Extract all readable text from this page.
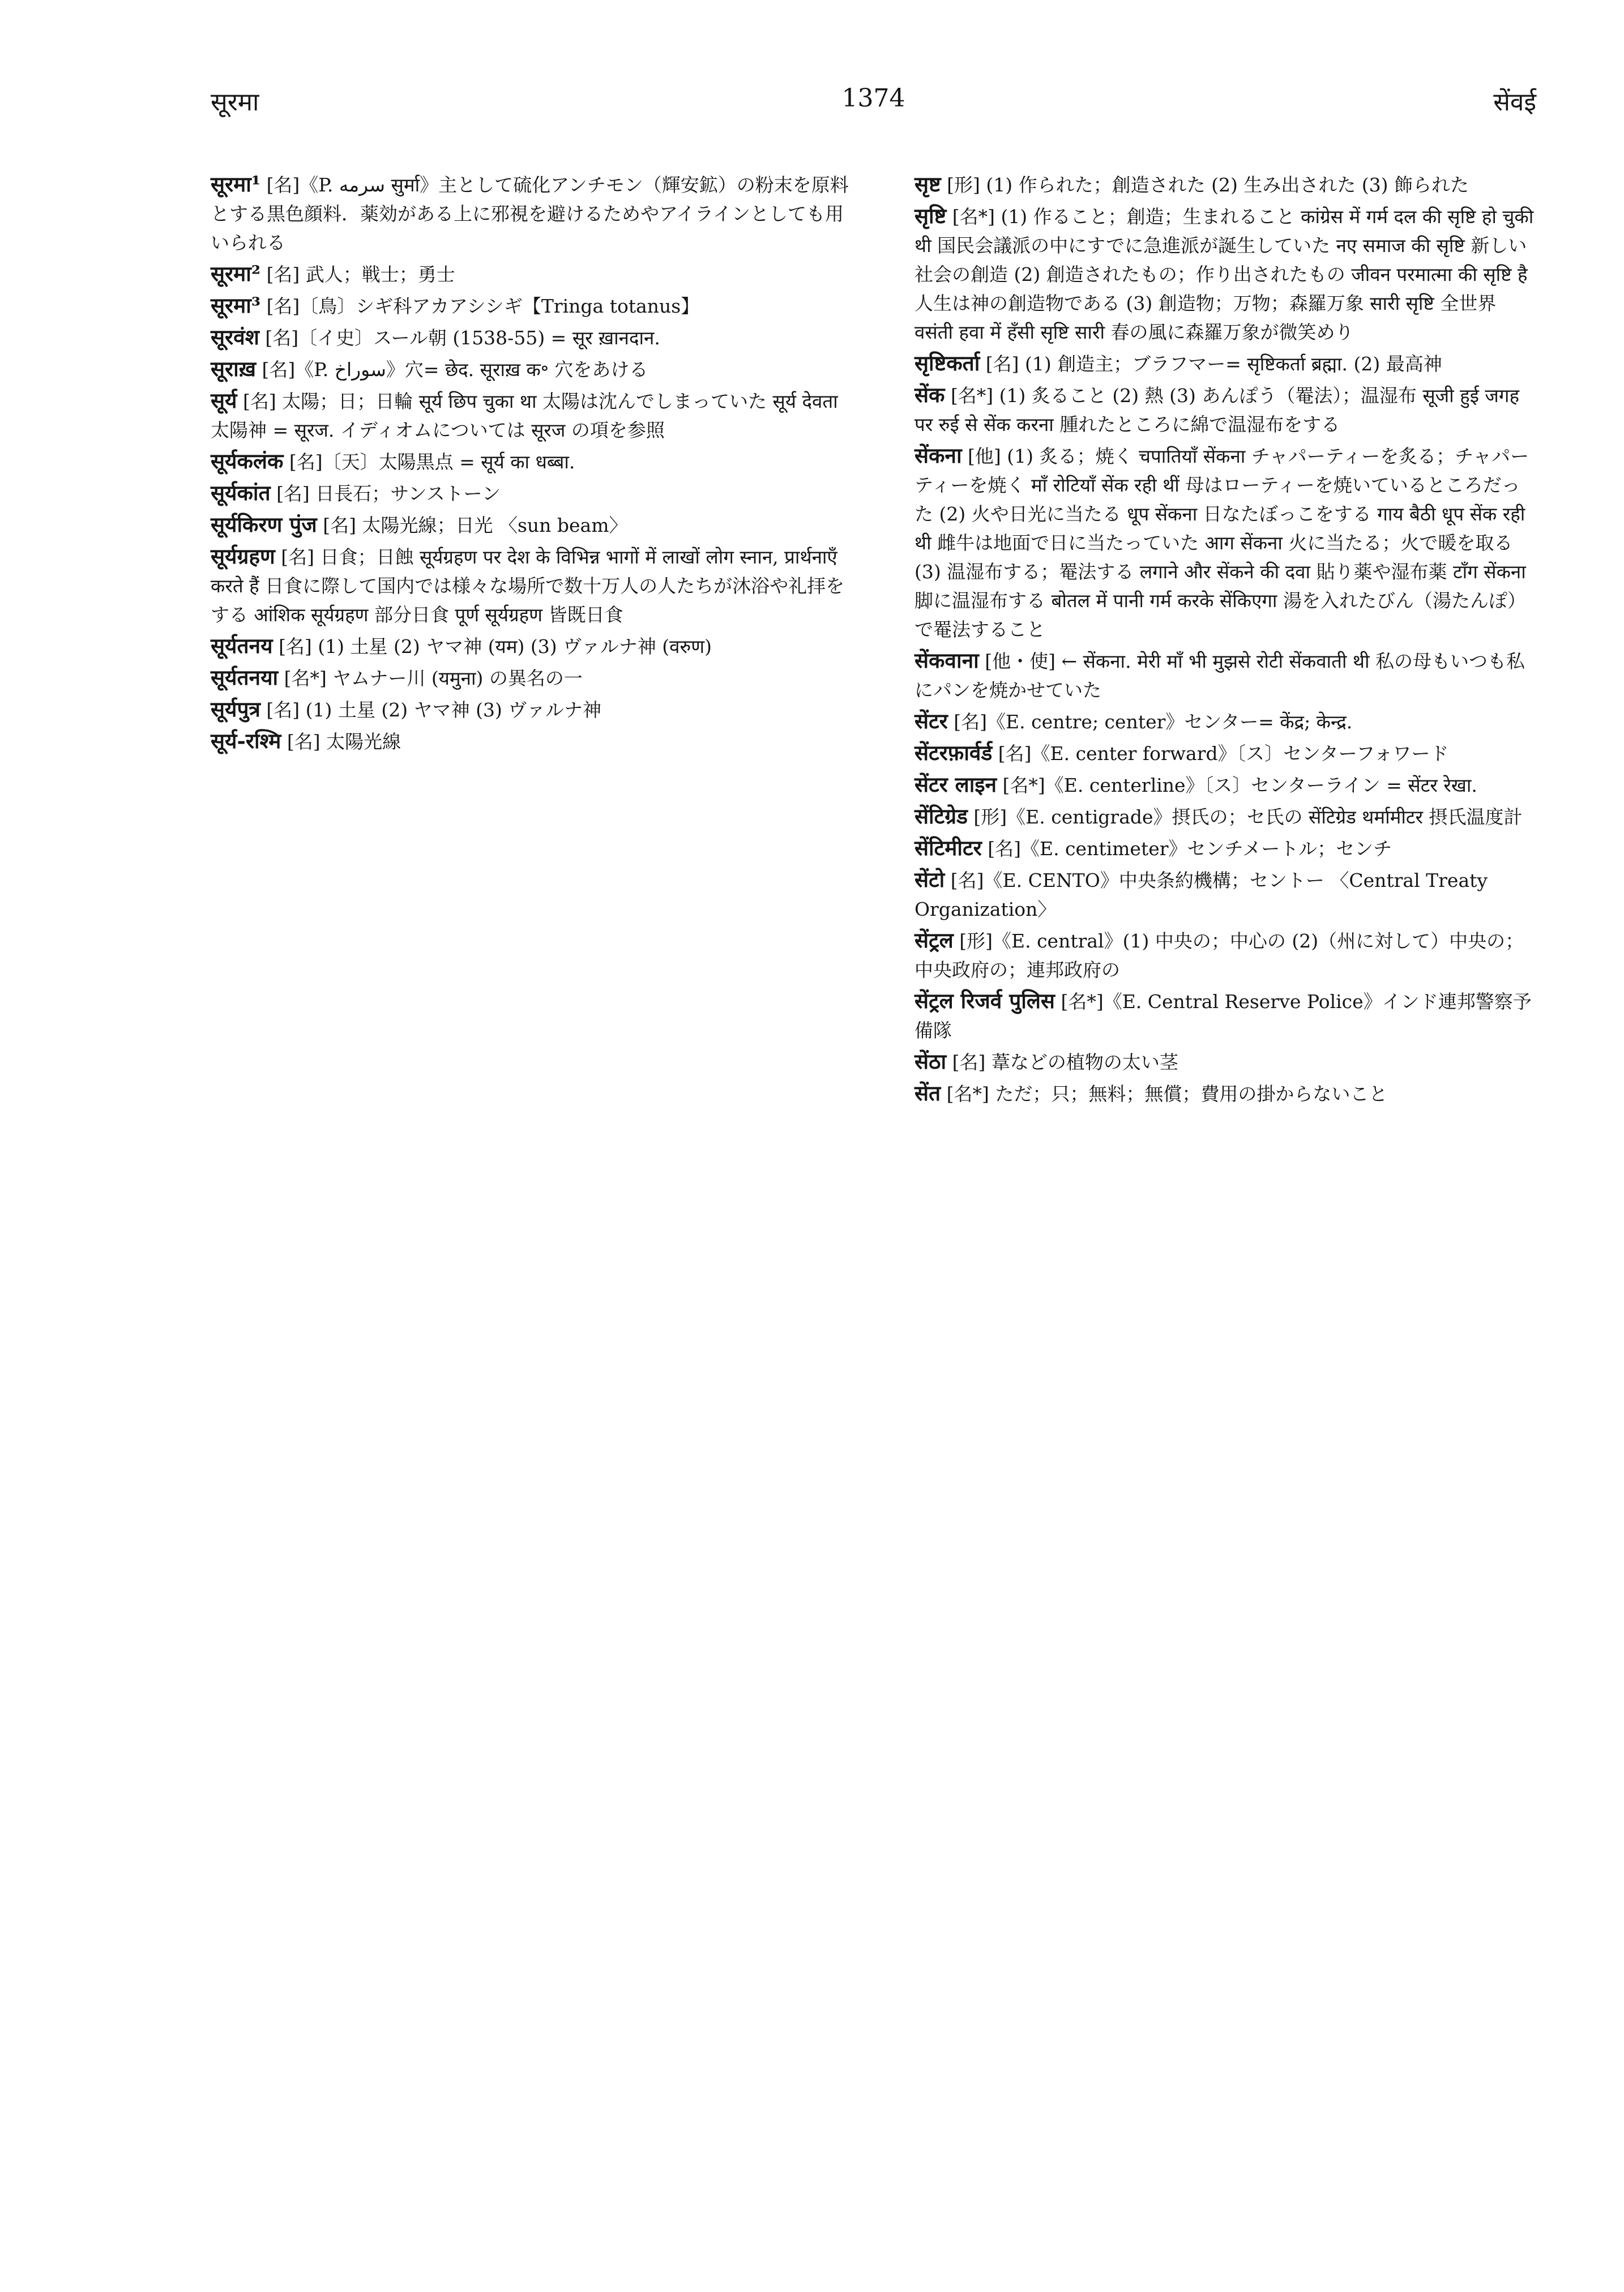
सूरमा	1374	सेंवई
सूरमा¹ [名]《P. سرمه सुर्मा》主として硫化アンチモン（輝安鉱）の粉末を原料とする黒色顔料．薬効がある上に邪視を避けるためやアイラインとしても用いられる
सूरमा² [名] 武人；戦士；勇士
सूरमा³ [名]〔鳥〕シギ科アカアシシギ【Tringa totanus】
सूरवंश [名]〔イ史〕スール朝 (1538-55) = सूर ख़ानदान.
सूराख़ [名]《P. سوراخ》穴= छेद. सूराख़ क॰ 穴をあける
सूर्य [名] 太陽；日；日輪 सूर्य छिप चुका था 太陽は沈んでしまっていた सूर्य देवता 太陽神 = सूरज. イディオムについては सूरज の項を参照
सूर्यकलंक [名]〔天〕太陽黒点 = सूर्य का धब्बा.
सूर्यकांत [名] 日長石；サンストーン
सूर्यकिरण पुंज [名] 太陽光線；日光 〈sun beam〉
सूर्यग्रहण [名] 日食；日蝕 सूर्यग्रहण पर देश के विभिन्न भागों में लाखों लोग स्नान, प्रार्थनाएँ करते हैं 日食に際して国内では様々な場所で数十万人の人たちが沐浴や礼拝をする आंशिक सूर्यग्रहण 部分日食 पूर्ण सूर्यग्रहण 皆既日食
सूर्यतनय [名] (1) 土星 (2) ヤマ神 (यम) (3) ヴァルナ神 (वरुण)
सूर्यतनया [名*] ヤムナー川 (यमुना) の異名の一
सूर्यपुत्र [名] (1) 土星 (2) ヤマ神 (3) ヴァルナ神
सूर्य-रश्मि [名] 太陽光線
सृष्ट [形] (1) 作られた；創造された (2) 生み出された (3) 飾られた
सृष्टि [名*] (1) 作ること；創造；生まれること कांग्रेस में गर्म दल की सृष्टि हो चुकी थी 国民会議派の中にすでに急進派が誕生していた नए समाज की सृष्टि 新しい社会の創造 (2) 創造されたもの；作り出されたもの जीवन परमात्मा की सृष्टि है 人生は神の創造物である (3) 創造物；万物；森羅万象 सारी सृष्टि 全世界 वसंती हवा में हँसी सृष्टि सारी 春の風に森羅万象が微笑めり
सृष्टिकर्ता [名] (1) 創造主；ブラフマー= सृष्टिकर्ता ब्रह्मा. (2) 最高神
सेंक [名*] (1) 炙ること (2) 熱 (3) あんぽう（罨法）；温湿布 सूजी हुई जगह पर रुई से सेंक करना 腫れたところに綿で温湿布をする
सेंकना [他] (1) 炙る；焼く चपातियाँ सेंकना チャパーティーを炙る；チャパーティーを焼く माँ रोटियाँ सेंक रही थीं 母はローティーを焼いているところだった (2) 火や日光に当たる धूप सेंकना 日なたぼっこをする गाय बैठी धूप सेंक रही थी 雌牛は地面で日に当たっていた आग सेंकना 火に当たる；火で暖を取る (3) 温湿布する；罨法する लगाने और सेंकने की दवा 貼り薬や湿布薬 टाँग सेंकना 脚に温湿布する बोतल में पानी गर्म करके सेंकिएगा 湯を入れたびん（湯たんぽ）で罨法すること
सेंकवाना [他・使] ← सेंकना. मेरी माँ भी मुझसे रोटी सेंकवाती थी 私の母もいつも私にパンを焼かせていた
सेंटर [名]《E. centre; center》センター= केंद्र; केन्द्र.
सेंटरफ़ार्वर्ड [名]《E. center forward》〔ス〕センターフォワード
सेंटर लाइन [名*]《E. centerline》〔ス〕センターライン = सेंटर रेखा.
सेंटिग्रेड [形]《E. centigrade》摂氏の；セ氏の सेंटिग्रेड थर्मामीटर 摂氏温度計
सेंटिमीटर [名]《E. centimeter》センチメートル；センチ
सेंटो [名]《E. CENTO》中央条約機構；セントー 〈Central Treaty Organization〉
सेंट्रल [形]《E. central》(1) 中央の；中心の (2)（州に対して）中央の；中央政府の；連邦政府の
सेंट्रल रिजर्व पुलिस [名*]《E. Central Reserve Police》インド連邦警察予備隊
सेंठा [名] 葦などの植物の太い茎
सेंत [名*] ただ；只；無料；無償；費用の掛からないこと
